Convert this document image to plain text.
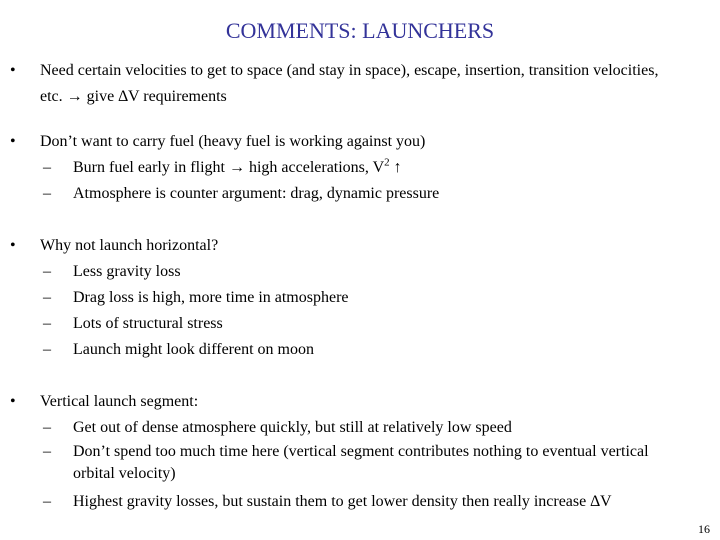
COMMENTS: LAUNCHERS
• Need certain velocities to get to space (and stay in space), escape, insertion, transition velocities, etc. → give ∆V requirements
• Don’t want to carry fuel (heavy fuel is working against you)
– Burn fuel early in flight → high accelerations, $V^2$ ↑
– Atmosphere is counter argument: drag, dynamic pressure
• Why not launch horizontal?
– Less gravity loss
– Drag loss is high, more time in atmosphere
– Lots of structural stress
– Launch might look different on moon
• Vertical launch segment:
– Get out of dense atmosphere quickly, but still at relatively low speed
– Don’t spend too much time here (vertical segment contributes nothing to eventual vertical orbital velocity)
– Highest gravity losses, but sustain them to get lower density then really increase ∆V
16
